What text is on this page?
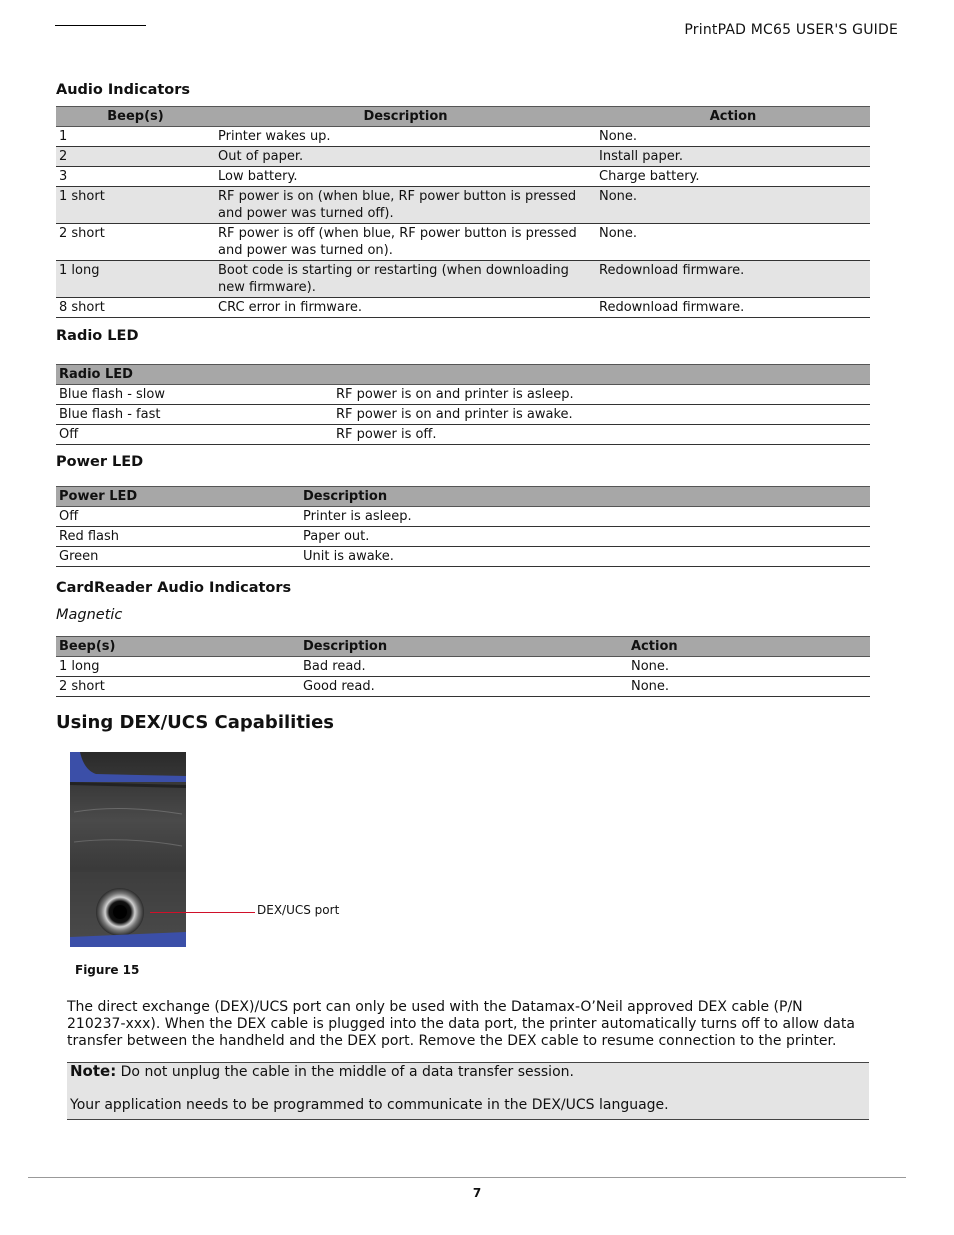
PrintPAD MC65 USER'S GUIDE
Audio Indicators
Beep(s)	Description	Action
1	Printer wakes up.	None.
2	Out of paper.	Install paper.
3	Low battery.	Charge battery.
1 short	RF power is on (when blue, RF power button is pressed and power was turned off).	None.
2 short	RF power is off (when blue, RF power button is pressed and power was turned on).	None.
1 long	Boot code is starting or restarting (when downloading new firmware).	Redownload firmware.
8 short	CRC error in firmware.	Redownload firmware.
Radio LED
Radio LED	
Blue flash - slow	RF power is on and printer is asleep.
Blue flash - fast	RF power is on and printer is awake.
Off	RF power is off.
Power LED
Power LED	Description
Off	Printer is asleep.
Red flash	Paper out.
Green	Unit is awake.
CardReader Audio Indicators
Magnetic
Beep(s)	Description	Action
1 long	Bad read.	None.
2 short	Good read.	None.
Using DEX/UCS Capabilities
DEX/UCS port
Figure 15
The direct exchange (DEX)/UCS port can only be used with the Datamax-O’Neil approved DEX cable (P/N 210237-xxx). When the DEX cable is plugged into the data port, the printer automatically turns off to allow data transfer between the handheld and the DEX port. Remove the DEX cable to resume connection to the printer.
Note: Do not unplug the cable in the middle of a data transfer session.
Your application needs to be programmed to communicate in the DEX/UCS language.
7
